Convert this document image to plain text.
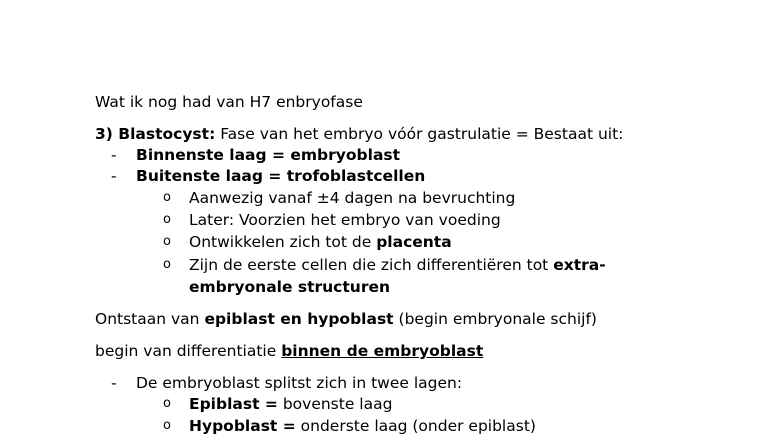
Wat ik nog had van H7 enbryofase
3) Blastocyst: Fase van het embryo vóór gastrulatie = Bestaat uit:
- Binnenste laag = embryoblast
- Buitenste laag = trofoblastcellen
o Aanwezig vanaf ±4 dagen na bevruchting
o Later: Voorzien het embryo van voeding
o Ontwikkelen zich tot de placenta
o Zijn de eerste cellen die zich differentiëren tot extra-
embryonale structuren
Ontstaan van epiblast en hypoblast (begin embryonale schijf)
begin van differentiatie binnen de embryoblast
- De embryoblast splitst zich in twee lagen:
o Epiblast = bovenste laag
o Hypoblast = onderste laag (onder epiblast)
